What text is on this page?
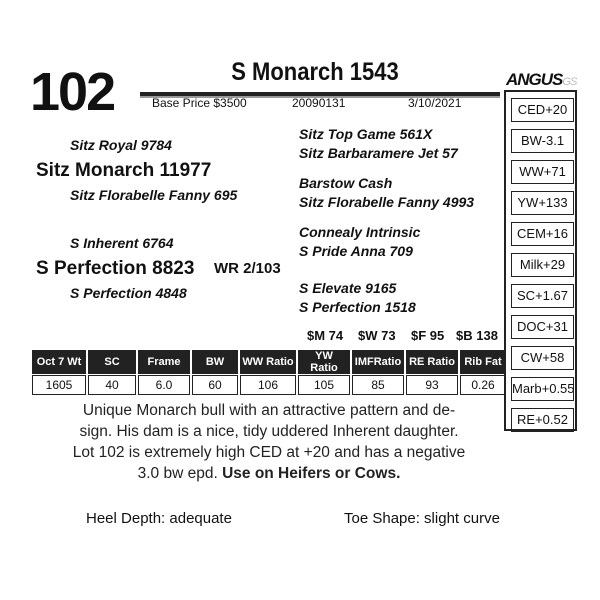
102	S Monarch 1543
Base Price $3500	20090131	3/10/2021
ANGUSGS
CED+20
BW-3.1
WW+71
YW+133
CEM+16
Milk+29
SC+1.67
DOC+31
CW+58
Marb+0.55
RE+0.52
Sitz Royal 9784
Sitz Monarch 11977
Sitz Florabelle Fanny 695
S Inherent 6764
S Perfection 8823 WR 2/103
S Perfection 4848
Sitz Top Game 561X
Sitz Barbaramere Jet 57
Barstow Cash
Sitz Florabelle Fanny 4993
Connealy Intrinsic
S Pride Anna 709
S Elevate 9165
S Perfection 1518
$M 74 $W 73 $F 95 $B 138
Oct 7 Wt	SC	Frame	BW	WW Ratio	YW Ratio	IMFRatio	RE Ratio	Rib Fat
1605	40	6.0	60	106	105	85	93	0.26
Unique Monarch bull with an attractive pattern and de-
sign. His dam is a nice, tidy uddered Inherent daughter.
Lot 102 is extremely high CED at +20 and has a negative
3.0 bw epd. Use on Heifers or Cows.
Heel Depth: adequate	Toe Shape: slight curve
